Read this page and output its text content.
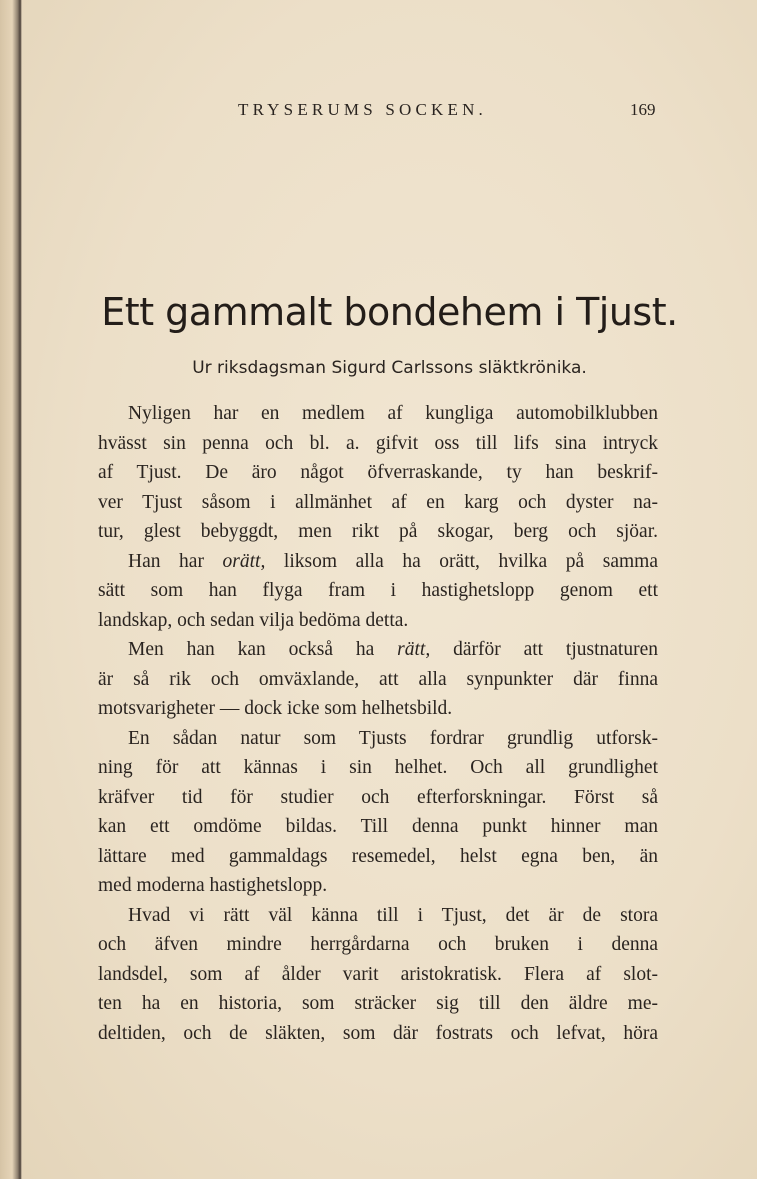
TRYSERUMS SOCKEN.	169
Ett gammalt bondehem i Tjust.
Ur riksdagsman Sigurd Carlssons släktkrönika.
Nyligen har en medlem af kungliga automobilklubben
hvässt sin penna och bl. a. gifvit oss till lifs sina intryck
af Tjust. De äro något öfverraskande, ty han beskrif-
ver Tjust såsom i allmänhet af en karg och dyster na-
tur, glest bebyggdt, men rikt på skogar, berg och sjöar.
Han har orätt, liksom alla ha orätt, hvilka på samma
sätt som han flyga fram i hastighetslopp genom ett
landskap, och sedan vilja bedöma detta.
Men han kan också ha rätt, därför att tjustnaturen
är så rik och omväxlande, att alla synpunkter där finna
motsvarigheter — dock icke som helhetsbild.
En sådan natur som Tjusts fordrar grundlig utforsk-
ning för att kännas i sin helhet. Och all grundlighet
kräfver tid för studier och efterforskningar. Först så
kan ett omdöme bildas. Till denna punkt hinner man
lättare med gammaldags resemedel, helst egna ben, än
med moderna hastighetslopp.
Hvad vi rätt väl känna till i Tjust, det är de stora
och äfven mindre herrgårdarna och bruken i denna
landsdel, som af ålder varit aristokratisk. Flera af slot-
ten ha en historia, som sträcker sig till den äldre me-
deltiden, och de släkten, som där fostrats och lefvat, höra
